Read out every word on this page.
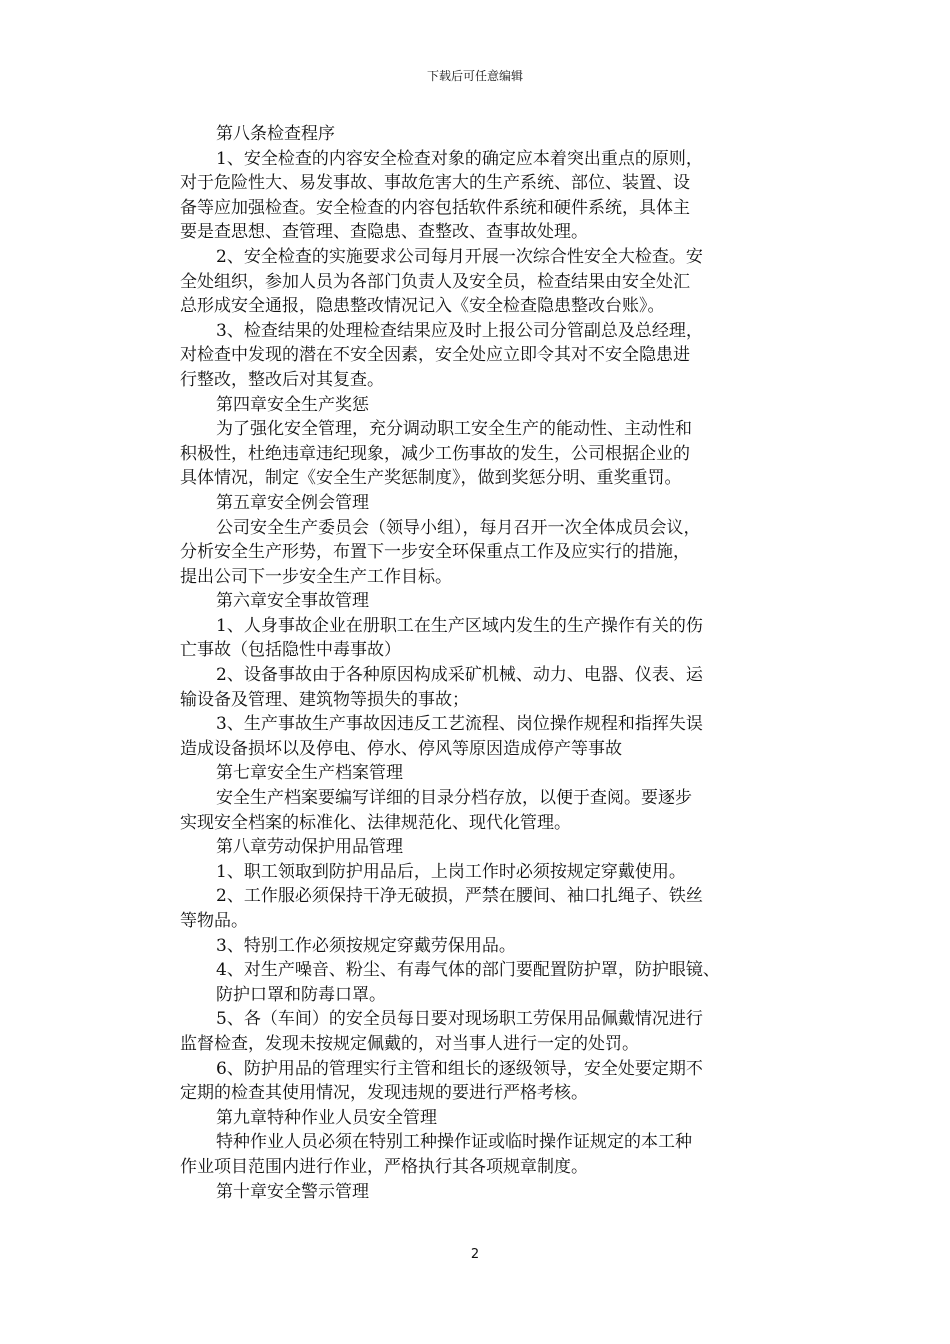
下载后可任意编辑
第八条检查程序
1、安全检查的内容安全检查对象的确定应本着突出重点的原则，
对于危险性大、易发事故、事故危害大的生产系统、部位、装置、设
备等应加强检查。安全检查的内容包括软件系统和硬件系统，具体主
要是查思想、查管理、查隐患、查整改、查事故处理。
2、安全检查的实施要求公司每月开展一次综合性安全大检查。安
全处组织，参加人员为各部门负责人及安全员，检查结果由安全处汇
总形成安全通报，隐患整改情况记入《安全检查隐患整改台账》。
3、检查结果的处理检查结果应及时上报公司分管副总及总经理，
对检查中发现的潜在不安全因素，安全处应立即令其对不安全隐患进
行整改，整改后对其复查。
第四章安全生产奖惩
为了强化安全管理，充分调动职工安全生产的能动性、主动性和
积极性，杜绝违章违纪现象，减少工伤事故的发生，公司根据企业的
具体情况，制定《安全生产奖惩制度》，做到奖惩分明、重奖重罚。
第五章安全例会管理
公司安全生产委员会（领导小组），每月召开一次全体成员会议，
分析安全生产形势，布置下一步安全环保重点工作及应实行的措施，
提出公司下一步安全生产工作目标。
第六章安全事故管理
1、人身事故企业在册职工在生产区域内发生的生产操作有关的伤
亡事故（包括隐性中毒事故）
2、设备事故由于各种原因构成采矿机械、动力、电器、仪表、运
输设备及管理、建筑物等损失的事故；
3、生产事故生产事故因违反工艺流程、岗位操作规程和指挥失误
造成设备损坏以及停电、停水、停风等原因造成停产等事故
第七章安全生产档案管理
安全生产档案要编写详细的目录分档存放，以便于查阅。要逐步
实现安全档案的标准化、法律规范化、现代化管理。
第八章劳动保护用品管理
1、职工领取到防护用品后，上岗工作时必须按规定穿戴使用。
2、工作服必须保持干净无破损，严禁在腰间、袖口扎绳子、铁丝
等物品。
3、特别工作必须按规定穿戴劳保用品。
4、对生产噪音、粉尘、有毒气体的部门要配置防护罩，防护眼镜、
防护口罩和防毒口罩。
5、各（车间）的安全员每日要对现场职工劳保用品佩戴情况进行
监督检查，发现未按规定佩戴的，对当事人进行一定的处罚。
6、防护用品的管理实行主管和组长的逐级领导，安全处要定期不
定期的检查其使用情况，发现违规的要进行严格考核。
第九章特种作业人员安全管理
特种作业人员必须在特别工种操作证或临时操作证规定的本工种
作业项目范围内进行作业，严格执行其各项规章制度。
第十章安全警示管理
2
